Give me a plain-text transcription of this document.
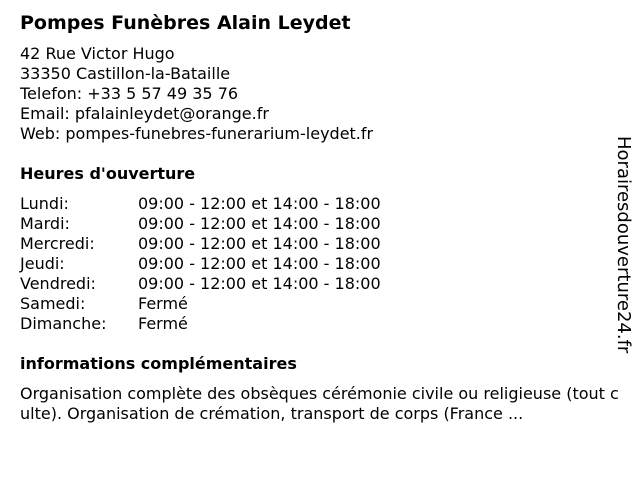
Pompes Funèbres Alain Leydet
42 Rue Victor Hugo
33350 Castillon-la-Bataille
Telefon: +33 5 57 49 35 76
Email: pfalainleydet@orange.fr
Web: pompes-funebres-funerarium-leydet.fr
Heures d'ouverture
Lundi:	09:00 - 12:00 et 14:00 - 18:00
Mardi:	09:00 - 12:00 et 14:00 - 18:00
Mercredi:	09:00 - 12:00 et 14:00 - 18:00
Jeudi:	09:00 - 12:00 et 14:00 - 18:00
Vendredi:	09:00 - 12:00 et 14:00 - 18:00
Samedi:	Fermé
Dimanche: Fermé
informations complémentaires
Organisation complète des obsèques cérémonie civile ou religieuse (tout culte). Organisation de crémation, transport de corps (France ...
Horairesdouverture24.fr
